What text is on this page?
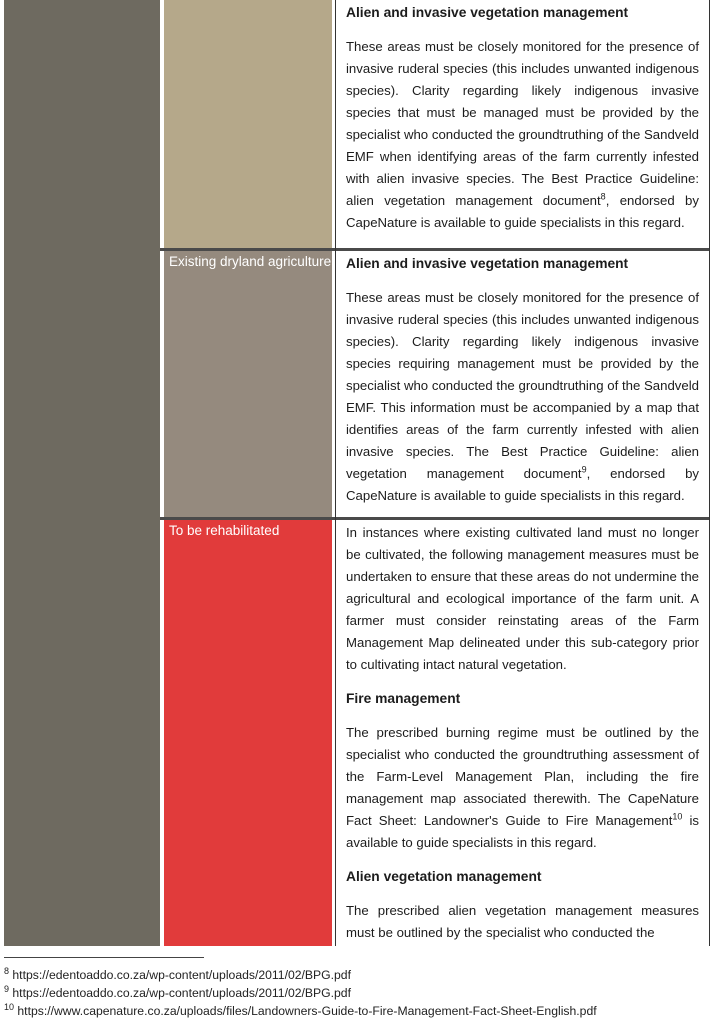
Existing dryland agriculture
To be rehabilitated
Alien and invasive vegetation management

These areas must be closely monitored for the presence of invasive ruderal species (this includes unwanted indigenous species). Clarity regarding likely indigenous invasive species that must be managed must be provided by the specialist who conducted the groundtruthing of the Sandveld EMF when identifying areas of the farm currently infested with alien invasive species. The Best Practice Guideline: alien vegetation management document$^8$, endorsed by CapeNature is available to guide specialists in this regard.

Alien and invasive vegetation management

These areas must be closely monitored for the presence of invasive ruderal species (this includes unwanted indigenous species). Clarity regarding likely indigenous invasive species requiring management must be provided by the specialist who conducted the groundtruthing of the Sandveld EMF. This information must be accompanied by a map that identifies areas of the farm currently infested with alien invasive species. The Best Practice Guideline: alien vegetation management document$^9$, endorsed by CapeNature is available to guide specialists in this regard.

In instances where existing cultivated land must no longer be cultivated, the following management measures must be undertaken to ensure that these areas do not undermine the agricultural and ecological importance of the farm unit. A farmer must consider reinstating areas of the Farm Management Map delineated under this sub-category prior to cultivating intact natural vegetation.

Fire management

The prescribed burning regime must be outlined by the specialist who conducted the groundtruthing assessment of the Farm-Level Management Plan, including the fire management map associated therewith. The CapeNature Fact Sheet: Landowner's Guide to Fire Management$^{10}$ is available to guide specialists in this regard.

Alien vegetation management

The prescribed alien vegetation management measures must be outlined by the specialist who conducted the

$^8$ https://edentoaddo.co.za/wp-content/uploads/2011/02/BPG.pdf
$^9$ https://edentoaddo.co.za/wp-content/uploads/2011/02/BPG.pdf
$^{10}$ https://www.capenature.co.za/uploads/files/Landowners-Guide-to-Fire-Management-Fact-Sheet-English.pdf
